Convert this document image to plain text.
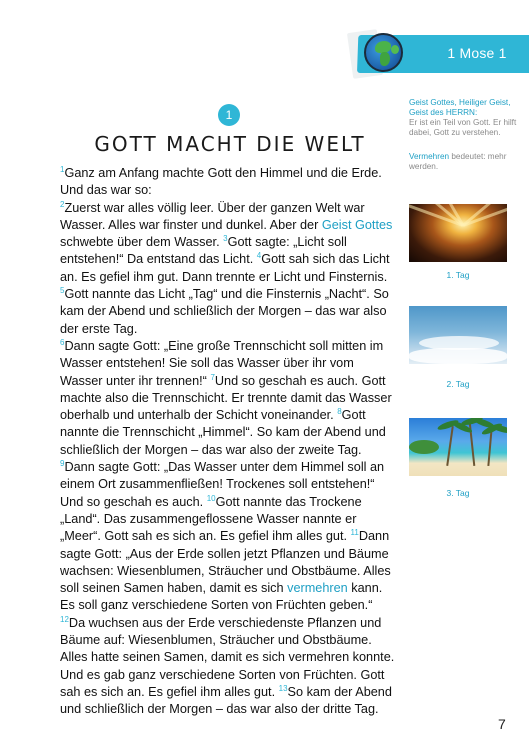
1 Mose 1
1
GOTT MACHT DIE WELT

$^1$Ganz am Anfang machte Gott den Himmel und die Erde. Und das war so:

$^2$Zuerst war alles völlig leer. Über der ganzen Welt war Wasser. Alles war finster und dunkel. Aber der Geist Gottes schwebte über dem Wasser. $^3$Gott sagte: „Licht soll entstehen!“ Da entstand das Licht. $^4$Gott sah sich das Licht an. Es gefiel ihm gut. Dann trennte er Licht und Finsternis. $^5$Gott nannte das Licht „Tag“ und die Finsternis „Nacht“. So kam der Abend und schließlich der Morgen – das war also der erste Tag.

$^6$Dann sagte Gott: „Eine große Trennschicht soll mitten im Wasser entstehen! Sie soll das Wasser über ihr vom Wasser unter ihr trennen!“ $^7$Und so geschah es auch. Gott machte also die Trennschicht. Er trennte damit das Wasser oberhalb und unterhalb der Schicht voneinander. $^8$Gott nannte die Trennschicht „Himmel“. So kam der Abend und schließlich der Morgen – das war also der zweite Tag.

$^9$Dann sagte Gott: „Das Wasser unter dem Himmel soll an einem Ort zusammenfließen! Trockenes soll entstehen!“ Und so geschah es auch. $^{10}$Gott nannte das Trockene „Land“. Das zusammengeflossene Wasser nannte er „Meer“. Gott sah es sich an. Es gefiel ihm alles gut. $^{11}$Dann sagte Gott: „Aus der Erde sollen jetzt Pflanzen und Bäume wachsen: Wiesenblumen, Sträucher und Obstbäume. Alles soll seinen Samen haben, damit es sich vermehren kann. Es soll ganz verschiedene Sorten von Früchten geben.“ $^{12}$Da wuchsen aus der Erde verschiedenste Pflanzen und Bäume auf: Wiesenblumen, Sträucher und Obstbäume. Alles hatte seinen Samen, damit es sich vermehren konnte. Und es gab ganz verschiedene Sorten von Früchten. Gott sah es sich an. Es gefiel ihm alles gut. $^{13}$So kam der Abend und schließlich der Morgen – das war also der dritte Tag.

Geist Gottes, Heiliger Geist, Geist des HERRN:
Er ist ein Teil von Gott. Er hilft dabei, Gott zu verstehen.
Vermehren bedeutet: mehr werden.
1. Tag
2. Tag
3. Tag
7
